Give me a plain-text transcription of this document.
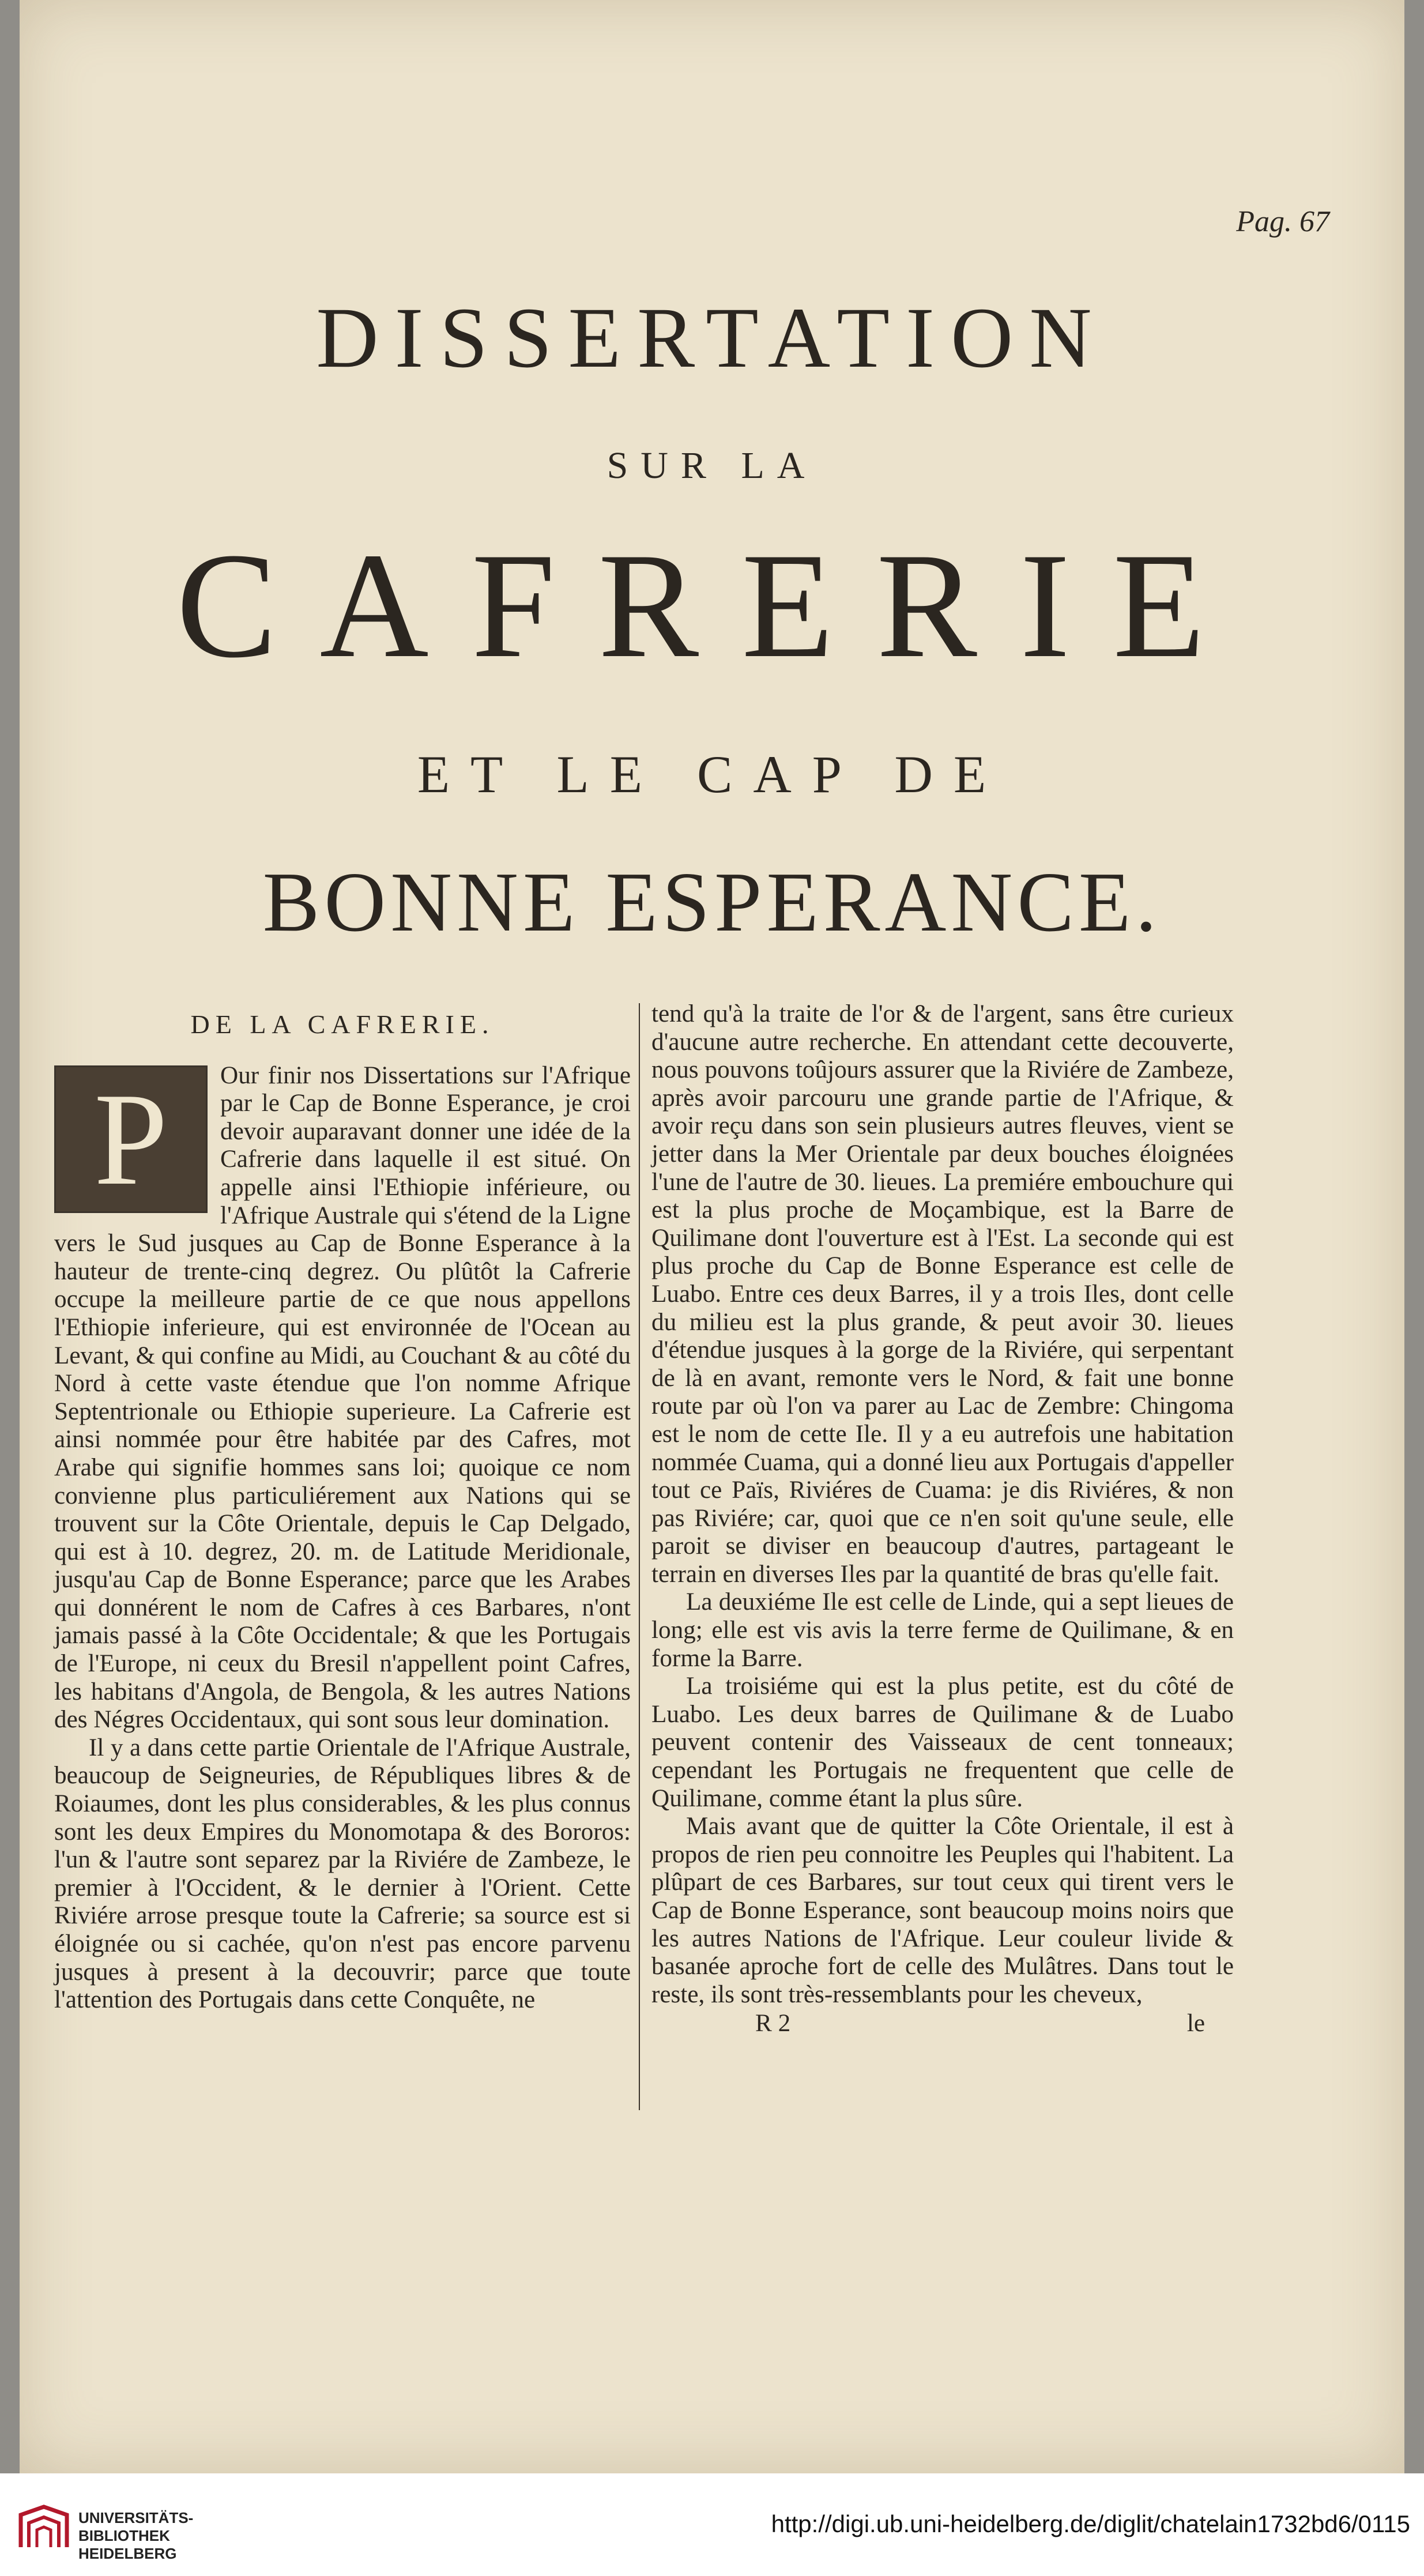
Pag. 67
DISSERTATION
SUR LA
CAFRERIE
ET LE CAP DE
BONNE ESPERANCE.
DE LA CAFRERIE.
P	Our finir nos Dissertations sur l'Afrique par le Cap de Bonne Esperance, je croi devoir auparavant donner une idée de la Cafrerie dans laquelle il est situé. On appelle ainsi l'Ethiopie inférieure, ou l'Afrique Australe qui s'étend de la Ligne vers le Sud jusques au Cap de Bonne Esperance à la hauteur de trente-cinq degrez. Ou plûtôt la Cafrerie occupe la meilleure partie de ce que nous appellons l'Ethiopie inferieure, qui est environnée de l'Ocean au Levant, & qui confine au Midi, au Couchant & au côté du Nord à cette vaste étendue que l'on nomme Afrique Septentrionale ou Ethiopie superieure. La Cafrerie est ainsi nommée pour être habitée par des Cafres, mot Arabe qui signifie hommes sans loi; quoique ce nom convienne plus particuliérement aux Nations qui se trouvent sur la Côte Orientale, depuis le Cap Delgado, qui est à 10. degrez, 20. m. de Latitude Meridionale, jusqu'au Cap de Bonne Esperance; parce que les Arabes qui donnérent le nom de Cafres à ces Barbares, n'ont jamais passé à la Côte Occidentale; & que les Portugais de l'Europe, ni ceux du Bresil n'appellent point Cafres, les habitans d'Angola, de Bengola, & les autres Nations des Négres Occidentaux, qui sont sous leur domination.

Il y a dans cette partie Orientale de l'Afrique Australe, beaucoup de Seigneuries, de Républiques libres & de Roiaumes, dont les plus considerables, & les plus connus sont les deux Empires du Monomotapa & des Bororos: l'un & l'autre sont separez par la Riviére de Zambeze, le premier à l'Occident, & le dernier à l'Orient. Cette Riviére arrose presque toute la Cafrerie; sa source est si éloignée ou si cachée, qu'on n'est pas encore parvenu jusques à present à la decouvrir; parce que toute l'attention des Portugais dans cette Conquête, ne

tend qu'à la traite de l'or & de l'argent, sans être curieux d'aucune autre recherche. En attendant cette decouverte, nous pouvons toûjours assurer que la Riviére de Zambeze, après avoir parcouru une grande partie de l'Afrique, & avoir reçu dans son sein plusieurs autres fleuves, vient se jetter dans la Mer Orientale par deux bouches éloignées l'une de l'autre de 30. lieues. La premiére embouchure qui est la plus proche de Moçambique, est la Barre de Quilimane dont l'ouverture est à l'Est. La seconde qui est plus proche du Cap de Bonne Esperance est celle de Luabo. Entre ces deux Barres, il y a trois Iles, dont celle du milieu est la plus grande, & peut avoir 30. lieues d'étendue jusques à la gorge de la Riviére, qui serpentant de là en avant, remonte vers le Nord, & fait une bonne route par où l'on va parer au Lac de Zembre: Chingoma est le nom de cette Ile. Il y a eu autrefois une habitation nommée Cuama, qui a donné lieu aux Portugais d'appeller tout ce Païs, Riviéres de Cuama: je dis Riviéres, & non pas Riviére; car, quoi que ce n'en soit qu'une seule, elle paroit se diviser en beaucoup d'autres, partageant le terrain en diverses Iles par la quantité de bras qu'elle fait.

La deuxiéme Ile est celle de Linde, qui a sept lieues de long; elle est vis avis la terre ferme de Quilimane, & en forme la Barre.

La troisiéme qui est la plus petite, est du côté de Luabo. Les deux barres de Quilimane & de Luabo peuvent contenir des Vaisseaux de cent tonneaux; cependant les Portugais ne frequentent que celle de Quilimane, comme étant la plus sûre.

Mais avant que de quitter la Côte Orientale, il est à propos de rien peu connoitre les Peuples qui l'habitent. La plûpart de ces Barbares, sur tout ceux qui tirent vers le Cap de Bonne Esperance, sont beaucoup moins noirs que les autres Nations de l'Afrique. Leur couleur livide & basanée aproche fort de celle des Mulâtres. Dans tout le reste, ils sont très-ressemblants pour les cheveux,

R 2	le
UNIVERSITÄTS-
BIBLIOTHEK
HEIDELBERG
http://digi.ub.uni-heidelberg.de/diglit/chatelain1732bd6/0115
